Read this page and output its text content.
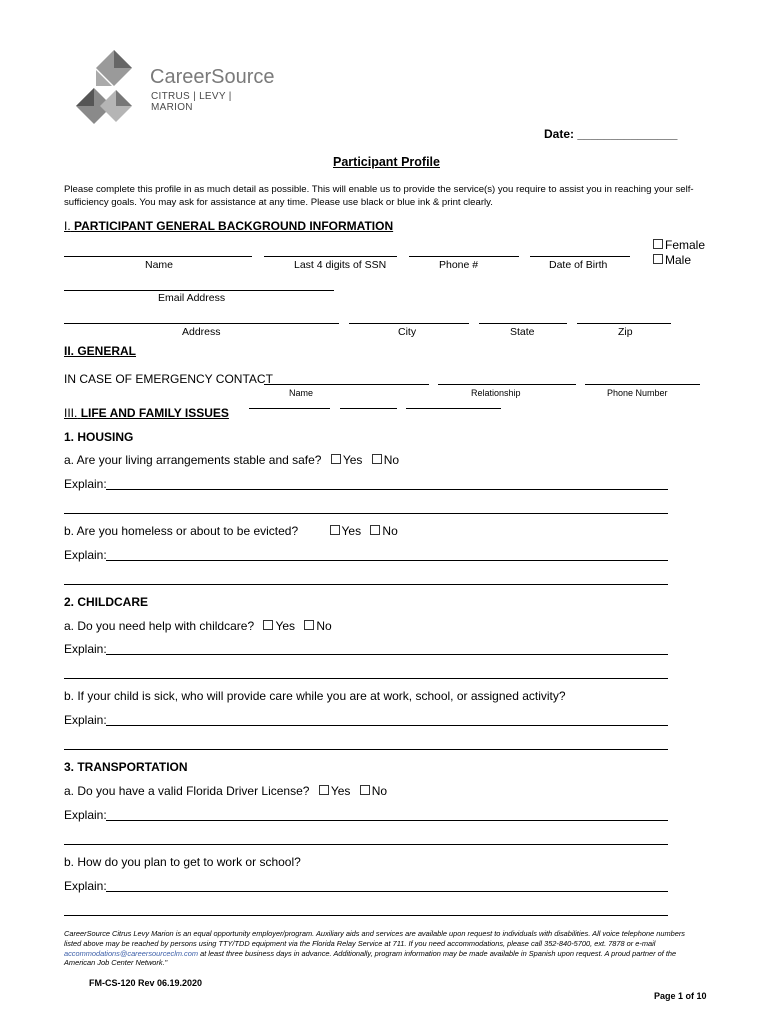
CareerSource
CITRUS | LEVY | MARION
Date: _______________
Participant Profile
Please complete this profile in as much detail as possible. This will enable us to provide the service(s) you require to assist you in reaching your self-sufficiency goals. You may ask for assistance at any time. Please use black or blue ink & print clearly.
I. PARTICIPANT GENERAL BACKGROUND INFORMATION
Female
Male
Name	Last 4 digits of SSN	Phone #	Date of Birth
Email Address
Address	City	State	Zip
II. GENERAL
IN CASE OF EMERGENCY CONTACT
Name	Relationship	Phone Number
III. LIFE AND FAMILY ISSUES
1. HOUSING
a. Are your living arrangements stable and safe? Yes No
Explain:
b. Are you homeless or about to be evicted?	Yes No
Explain:
2. CHILDCARE
a. Do you need help with childcare? Yes No
Explain:
b. If your child is sick, who will provide care while you are at work, school, or assigned activity?
Explain:
3. TRANSPORTATION
a. Do you have a valid Florida Driver License? Yes No
Explain:
b. How do you plan to get to work or school?
Explain:
CareerSource Citrus Levy Marion is an equal opportunity employer/program. Auxiliary aids and services are available upon request to individuals with disabilities. All voice telephone numbers listed above may be reached by persons using TTY/TDD equipment via the Florida Relay Service at 711. If you need accommodations, please call 352-840-5700, ext. 7878 or e-mail accommodations@careersourceclm.com at least three business days in advance. Additionally, program information may be made available in Spanish upon request. A proud partner of the American Job Center Network."
FM-CS-120 Rev 06.19.2020
Page 1 of 10
